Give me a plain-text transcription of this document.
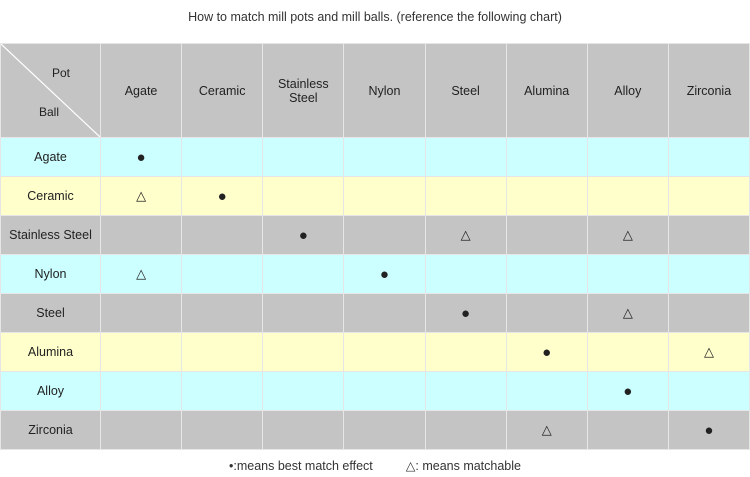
How to match mill pots and mill balls. (reference the following chart)
Pot
Ball	Agate	Ceramic	Stainless Steel	Nylon	Steel	Alumina	Alloy	Zirconia
Agate	●							
Ceramic	△	●						
Stainless Steel			●		△		△	
Nylon	△			●				
Steel					●		△	
Alumina						●		△
Alloy							●	
Zirconia						△		●
•:means best match effect	△: means matchable
